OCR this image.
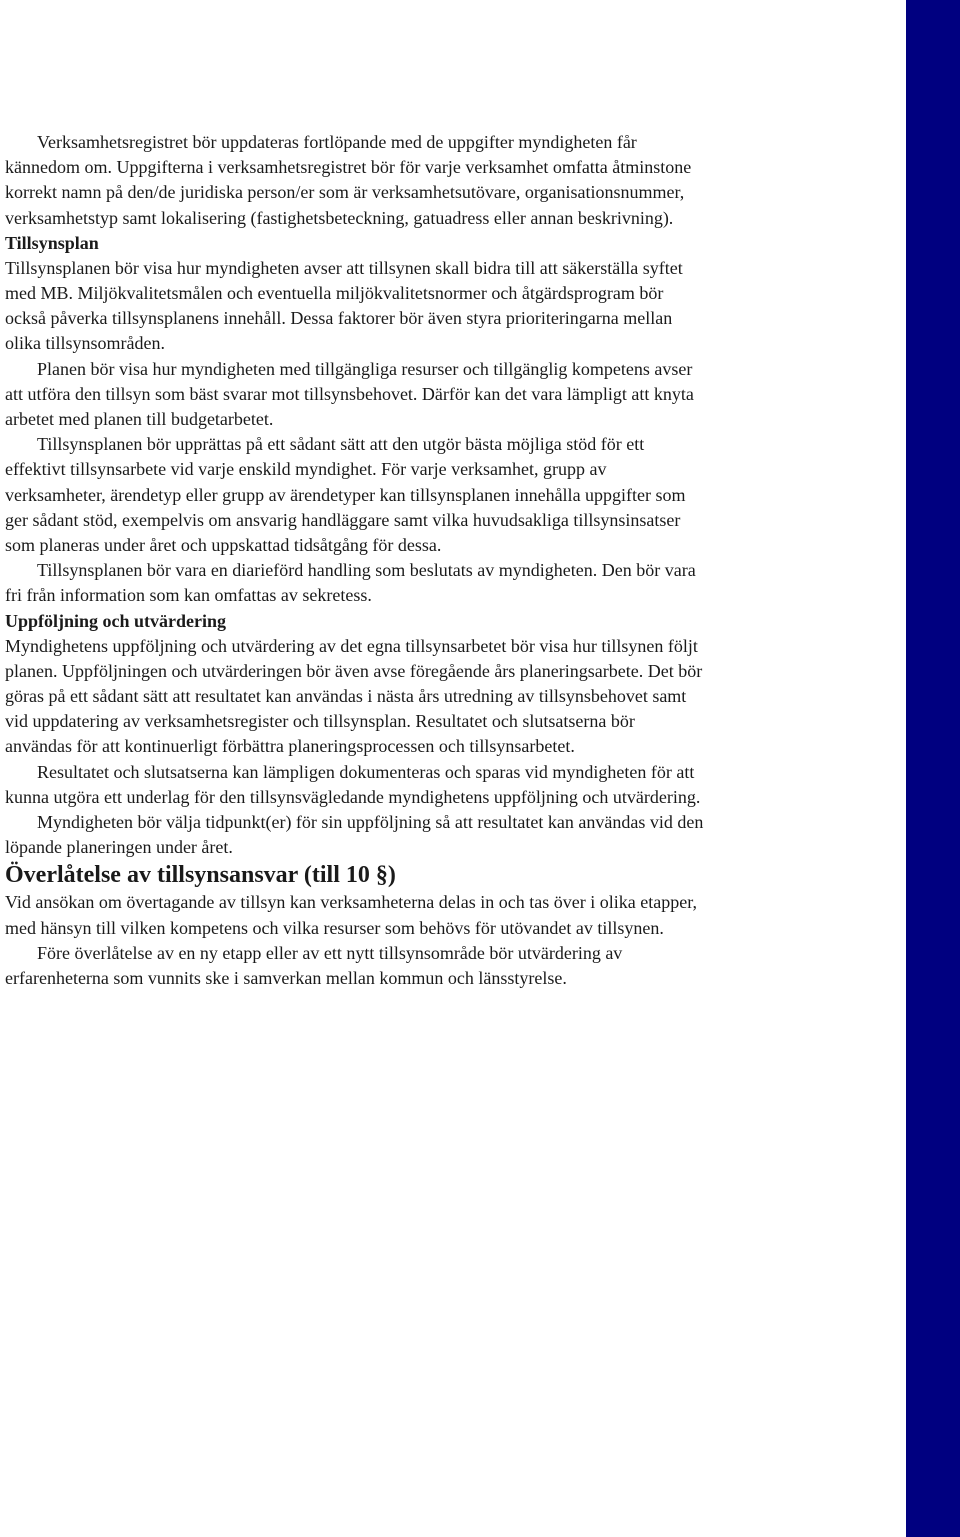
Verksamhetsregistret bör uppdateras fortlöpande med de uppgifter myndigheten får kännedom om. Uppgifterna i verksamhetsregistret bör för varje verksamhet omfatta åtminstone korrekt namn på den/de juridiska person/er som är verksamhetsutövare, organisationsnummer, verksamhetstyp samt lokalisering (fastighetsbeteckning, gatuadress eller annan beskrivning).

Tillsynsplan

Tillsynsplanen bör visa hur myndigheten avser att tillsynen skall bidra till att säkerställa syftet med MB. Miljökvalitetsmålen och eventuella miljökvalitetsnormer och åtgärdsprogram bör också påverka tillsynsplanens innehåll. Dessa faktorer bör även styra prioriteringarna mellan olika tillsynsområden.

Planen bör visa hur myndigheten med tillgängliga resurser och tillgänglig kompetens avser att utföra den tillsyn som bäst svarar mot tillsynsbehovet. Därför kan det vara lämpligt att knyta arbetet med planen till budgetarbetet.

Tillsynsplanen bör upprättas på ett sådant sätt att den utgör bästa möjliga stöd för ett effektivt tillsynsarbete vid varje enskild myndighet. För varje verksamhet, grupp av verksamheter, ärendetyp eller grupp av ärendetyper kan tillsynsplanen innehålla uppgifter som ger sådant stöd, exempelvis om ansvarig handläggare samt vilka huvudsakliga tillsynsinsatser som planeras under året och uppskattad tidsåtgång för dessa.

Tillsynsplanen bör vara en diarieförd handling som beslutats av myndigheten. Den bör vara fri från information som kan omfattas av sekretess.

Uppföljning och utvärdering

Myndighetens uppföljning och utvärdering av det egna tillsynsarbetet bör visa hur tillsynen följt planen. Uppföljningen och utvärderingen bör även avse föregående års planeringsarbete. Det bör göras på ett sådant sätt att resultatet kan användas i nästa års utredning av tillsynsbehovet samt vid uppdatering av verksamhetsregister och tillsynsplan. Resultatet och slutsatserna bör användas för att kontinuerligt förbättra planeringsprocessen och tillsynsarbetet.

Resultatet och slutsatserna kan lämpligen dokumenteras och sparas vid myndigheten för att kunna utgöra ett underlag för den tillsynsvägledande myndighetens uppföljning och utvärdering.

Myndigheten bör välja tidpunkt(er) för sin uppföljning så att resultatet kan användas vid den löpande planeringen under året.

Överlåtelse av tillsynsansvar (till 10 §)

Vid ansökan om övertagande av tillsyn kan verksamheterna delas in och tas över i olika etapper, med hänsyn till vilken kompetens och vilka resurser som behövs för utövandet av tillsynen.

Före överlåtelse av en ny etapp eller av ett nytt tillsynsområde bör utvärdering av erfarenheterna som vunnits ske i samverkan mellan kommun och länsstyrelse.
